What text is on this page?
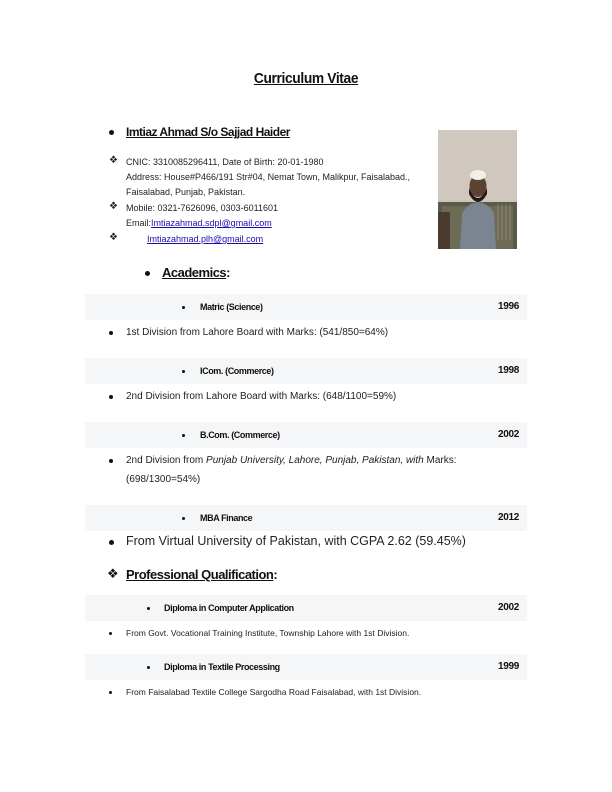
Curriculum Vitae
Imtiaz Ahmad S/o Sajjad Haider
❖ CNIC: 3310085296411, Date of Birth: 20-01-1980
Address: House#P466/191 Str#04, Nemat Town, Malikpur, Faisalabad.,
Faisalabad, Punjab, Pakistan.
❖ Mobile: 0321-7626096, 0303-6011601
Email:Imtiazahmad.sdpl@gmail.com
❖	Imtiazahmad.plh@gmail.com
Academics:
Matric (Science)	1996
1st Division from Lahore Board with Marks: (541/850=64%)
ICom. (Commerce)	1998
2nd Division from Lahore Board with Marks: (648/1100=59%)
B.Com. (Commerce)	2002
2nd Division from Punjab University, Lahore, Punjab, Pakistan, with Marks:
(698/1300=54%)
MBA Finance	2012
From Virtual University of Pakistan, with CGPA 2.62 (59.45%)
❖ Professional Qualification:
Diploma in Computer Application	2002
From Govt. Vocational Training Institute, Township Lahore with 1st Division.
Diploma in Textile Processing	1999
From Faisalabad Textile College Sargodha Road Faisalabad, with 1st Division.
